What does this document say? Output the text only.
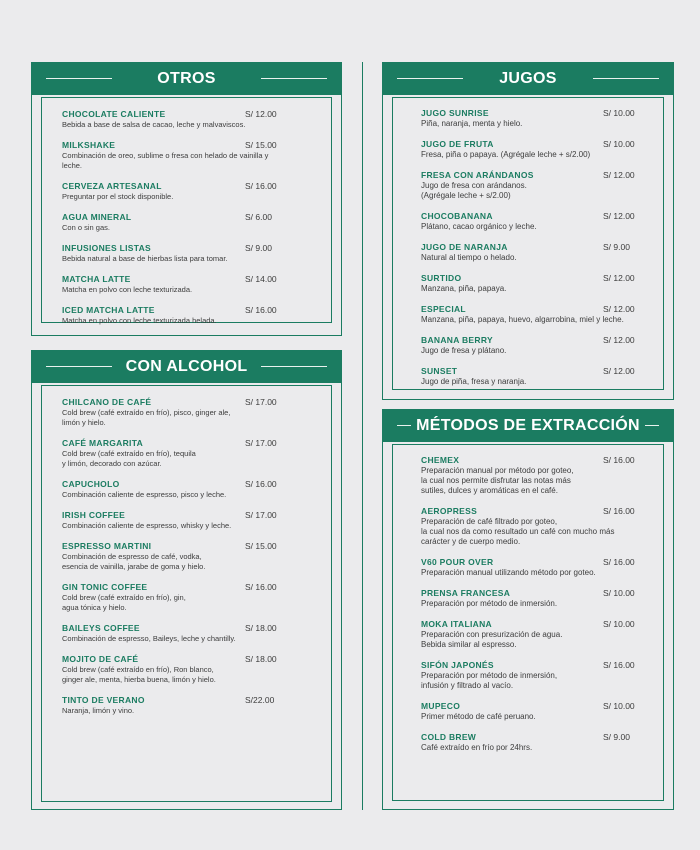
OTROS
CHOCOLATE CALIENTE	S/ 12.00
Bebida a base de salsa de cacao, leche y malvaviscos.
MILKSHAKE	S/ 15.00
Combinación de oreo, sublime o fresa con helado de vainilla y
leche.
CERVEZA ARTESANAL	S/ 16.00
Preguntar por el stock disponible.
AGUA MINERAL	S/ 6.00
Con o sin gas.
INFUSIONES LISTAS	S/ 9.00
Bebida natural a base de hierbas lista para tomar.
MATCHA LATTE	S/ 14.00
Matcha en polvo con leche texturizada.
ICED MATCHA LATTE	S/ 16.00
Matcha en polvo con leche texturizada helada.
CON ALCOHOL
CHILCANO DE CAFÉ	S/ 17.00
Cold brew (café extraído en frío), pisco, ginger ale,
limón y hielo.
CAFÉ MARGARITA	S/ 17.00
Cold brew (café extraído en frío), tequila
y limón, decorado con azúcar.
CAPUCHOLO	S/ 16.00
Combinación caliente de espresso, pisco y leche.
IRISH COFFEE	S/ 17.00
Combinación caliente de espresso, whisky y leche.
ESPRESSO MARTINI	S/ 15.00
Combinación de espresso de café, vodka,
esencia de vainilla, jarabe de goma y hielo.
GIN TONIC COFFEE	S/ 16.00
Cold brew (café extraído en frío), gin,
agua tónica y hielo.
BAILEYS COFFEE	S/ 18.00
Combinación de espresso, Baileys, leche y chantilly.
MOJITO DE CAFÉ	S/ 18.00
Cold brew (café extraído en frío), Ron blanco,
ginger ale, menta, hierba buena, limón y hielo.
TINTO DE VERANO	S/22.00
Naranja, limón y vino.
JUGOS
JUGO SUNRISE	S/ 10.00
Piña, naranja, menta y hielo.
JUGO DE FRUTA	S/ 10.00
Fresa, piña o papaya. (Agrégale leche + s/2.00)
FRESA CON ARÁNDANOS	S/ 12.00
Jugo de fresa con arándanos.
(Agrégale leche + s/2.00)
CHOCOBANANA	S/ 12.00
Plátano, cacao orgánico y leche.
JUGO DE NARANJA	S/ 9.00
Natural al tiempo o helado.
SURTIDO	S/ 12.00
Manzana, piña, papaya.
ESPECIAL	S/ 12.00
Manzana, piña, papaya, huevo, algarrobina, miel y leche.
BANANA BERRY	S/ 12.00
Jugo de fresa y plátano.
SUNSET	S/ 12.00
Jugo de piña, fresa y naranja.
MÉTODOS DE EXTRACCIÓN
CHEMEX	S/ 16.00
Preparación manual por método por goteo,
la cual nos permite disfrutar las notas más
sutiles, dulces y aromáticas en el café.
AEROPRESS	S/ 16.00
Preparación de café filtrado por goteo,
la cual nos da como resultado un café con mucho más
carácter y de cuerpo medio.
V60 POUR OVER	S/ 16.00
Preparación manual utilizando método por goteo.
PRENSA FRANCESA	S/ 10.00
Preparación por método de inmersión.
MOKA ITALIANA	S/ 10.00
Preparación con presurización de agua.
Bebida similar al espresso.
SIFÓN JAPONÉS	S/ 16.00
Preparación por método de inmersión,
infusión y filtrado al vacío.
MUPECO	S/ 10.00
Primer método de café peruano.
COLD BREW	S/ 9.00
Café extraído en frío por 24hrs.
